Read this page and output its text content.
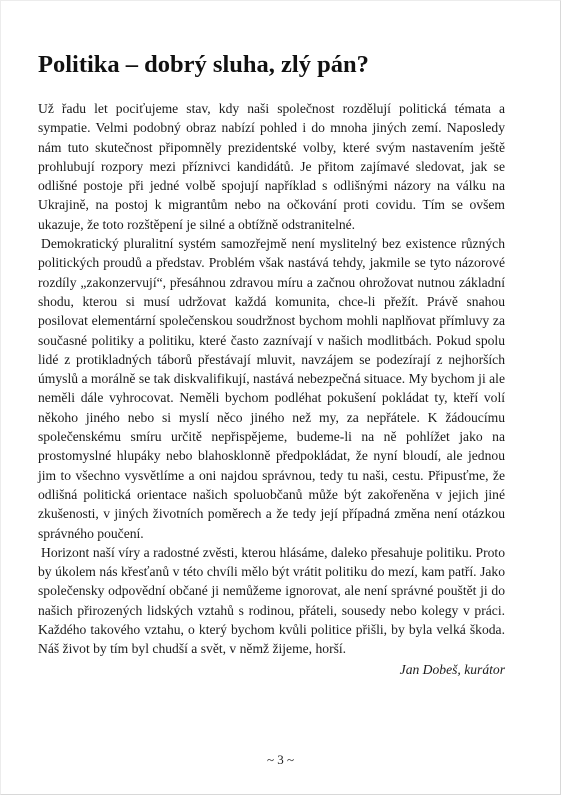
Politika – dobrý sluha, zlý pán?

Už řadu let pociťujeme stav, kdy naši společnost rozdělují politická témata a sympatie. Velmi podobný obraz nabízí pohled i do mnoha jiných zemí. Naposledy nám tuto skutečnost připomněly prezidentské volby, které svým nastavením ještě prohlubují rozpory mezi příznivci kandidátů. Je přitom zajímavé sledovat, jak se odlišné postoje při jedné volbě spojují například s odlišnými názory na válku na Ukrajině, na postoj k migrantům nebo na očkování proti covidu. Tím se ovšem ukazuje, že toto rozštěpení je silné a obtížně odstranitelné.

Demokratický pluralitní systém samozřejmě není myslitelný bez existence různých politických proudů a představ. Problém však nastává tehdy, jakmile se tyto názorové rozdíly „zakonzervují“, přesáhnou zdravou míru a začnou ohrožovat nutnou základní shodu, kterou si musí udržovat každá komunita, chce-li přežít. Právě snahou posilovat elementární společenskou soudržnost bychom mohli naplňovat přímluvy za současné politiky a politiku, které často zaznívají v našich modlitbách. Pokud spolu lidé z protikladných táborů přestávají mluvit, navzájem se podezírají z nejhorších úmyslů a morálně se tak diskvalifikují, nastává nebezpečná situace. My bychom ji ale neměli dále vyhrocovat. Neměli bychom podléhat pokušení pokládat ty, kteří volí někoho jiného nebo si myslí něco jiného než my, za nepřátele. K žádoucímu společenskému smíru určitě nepřispějeme, budeme-li na ně pohlížet jako na prostomyslné hlupáky nebo blahosklonně předpokládat, že nyní bloudí, ale jednou jim to všechno vysvětlíme a oni najdou správnou, tedy tu naši, cestu. Připusťme, že odlišná politická orientace našich spoluobčanů může být zakořeněna v jejich jiné zkušenosti, v jiných životních poměrech a že tedy její případná změna není otázkou správného poučení.

Horizont naší víry a radostné zvěsti, kterou hlásáme, daleko přesahuje politiku. Proto by úkolem nás křesťanů v této chvíli mělo být vrátit politiku do mezí, kam patří. Jako společensky odpovědní občané ji nemůžeme ignorovat, ale není správné pouštět ji do našich přirozených lidských vztahů s rodinou, přáteli, sousedy nebo kolegy v práci. Každého takového vztahu, o který bychom kvůli politice přišli, by byla velká škoda. Náš život by tím byl chudší a svět, v němž žijeme, horší.

Jan Dobeš, kurátor

~ 3 ~
